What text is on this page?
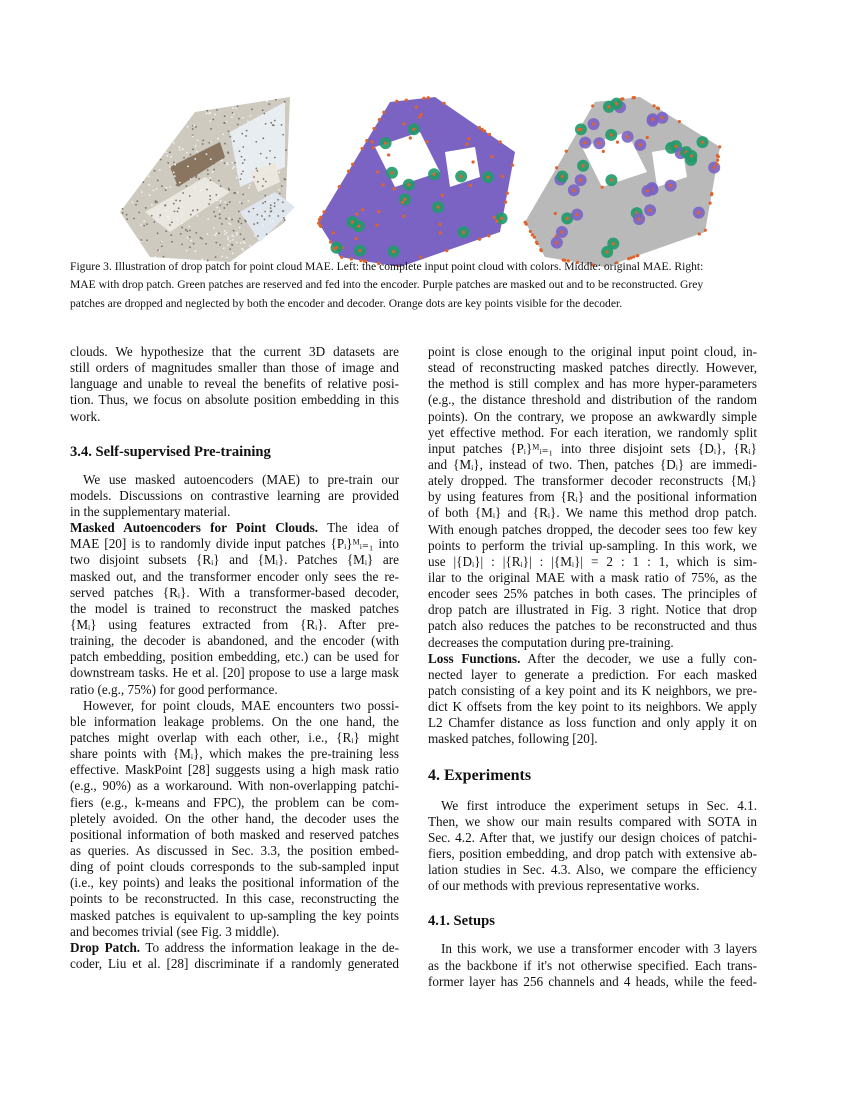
Figure 3. Illustration of drop patch for point cloud MAE. Left: the complete input point cloud with colors. Middle: original MAE. Right:
MAE with drop patch. Green patches are reserved and fed into the encoder. Purple patches are masked out and to be reconstructed. Grey
patches are dropped and neglected by both the encoder and decoder. Orange dots are key points visible for the decoder.
clouds. We hypothesize that the current 3D datasets are
still orders of magnitudes smaller than those of image and
language and unable to reveal the benefits of relative posi-
tion. Thus, we focus on absolute position embedding in this
work.
3.4. Self-supervised Pre-training
We use masked autoencoders (MAE) to pre-train our
models. Discussions on contrastive learning are provided
in the supplementary material.
Masked Autoencoders for Point Clouds. The idea of
MAE [20] is to randomly divide input patches {Pᵢ}ᴹᵢ₌₁ into
two disjoint subsets {Rᵢ} and {Mᵢ}. Patches {Mᵢ} are
masked out, and the transformer encoder only sees the re-
served patches {Rᵢ}. With a transformer-based decoder,
the model is trained to reconstruct the masked patches
{Mᵢ} using features extracted from {Rᵢ}. After pre-
training, the decoder is abandoned, and the encoder (with
patch embedding, position embedding, etc.) can be used for
downstream tasks. He et al. [20] propose to use a large mask
ratio (e.g., 75%) for good performance.
However, for point clouds, MAE encounters two possi-
ble information leakage problems. On the one hand, the
patches might overlap with each other, i.e., {Rᵢ} might
share points with {Mᵢ}, which makes the pre-training less
effective. MaskPoint [28] suggests using a high mask ratio
(e.g., 90%) as a workaround. With non-overlapping patchi-
fiers (e.g., k-means and FPC), the problem can be com-
pletely avoided. On the other hand, the decoder uses the
positional information of both masked and reserved patches
as queries. As discussed in Sec. 3.3, the position embed-
ding of point clouds corresponds to the sub-sampled input
(i.e., key points) and leaks the positional information of the
points to be reconstructed. In this case, reconstructing the
masked patches is equivalent to up-sampling the key points
and becomes trivial (see Fig. 3 middle).
Drop Patch. To address the information leakage in the de-
coder, Liu et al. [28] discriminate if a randomly generated
point is close enough to the original input point cloud, in-
stead of reconstructing masked patches directly. However,
the method is still complex and has more hyper-parameters
(e.g., the distance threshold and distribution of the random
points). On the contrary, we propose an awkwardly simple
yet effective method. For each iteration, we randomly split
input patches {Pᵢ}ᴹᵢ₌₁ into three disjoint sets {Dᵢ}, {Rᵢ}
and {Mᵢ}, instead of two. Then, patches {Dᵢ} are immedi-
ately dropped. The transformer decoder reconstructs {Mᵢ}
by using features from {Rᵢ} and the positional information
of both {Mᵢ} and {Rᵢ}. We name this method drop patch.
With enough patches dropped, the decoder sees too few key
points to perform the trivial up-sampling. In this work, we
use |{Dᵢ}| : |{Rᵢ}| : |{Mᵢ}| = 2 : 1 : 1, which is sim-
ilar to the original MAE with a mask ratio of 75%, as the
encoder sees 25% patches in both cases. The principles of
drop patch are illustrated in Fig. 3 right. Notice that drop
patch also reduces the patches to be reconstructed and thus
decreases the computation during pre-training.
Loss Functions. After the decoder, we use a fully con-
nected layer to generate a prediction. For each masked
patch consisting of a key point and its K neighbors, we pre-
dict K offsets from the key point to its neighbors. We apply
L2 Chamfer distance as loss function and only apply it on
masked patches, following [20].
4. Experiments
We first introduce the experiment setups in Sec. 4.1.
Then, we show our main results compared with SOTA in
Sec. 4.2. After that, we justify our design choices of patchi-
fiers, position embedding, and drop patch with extensive ab-
lation studies in Sec. 4.3. Also, we compare the efficiency
of our methods with previous representative works.
4.1. Setups
In this work, we use a transformer encoder with 3 layers
as the backbone if it's not otherwise specified. Each trans-
former layer has 256 channels and 4 heads, while the feed-
